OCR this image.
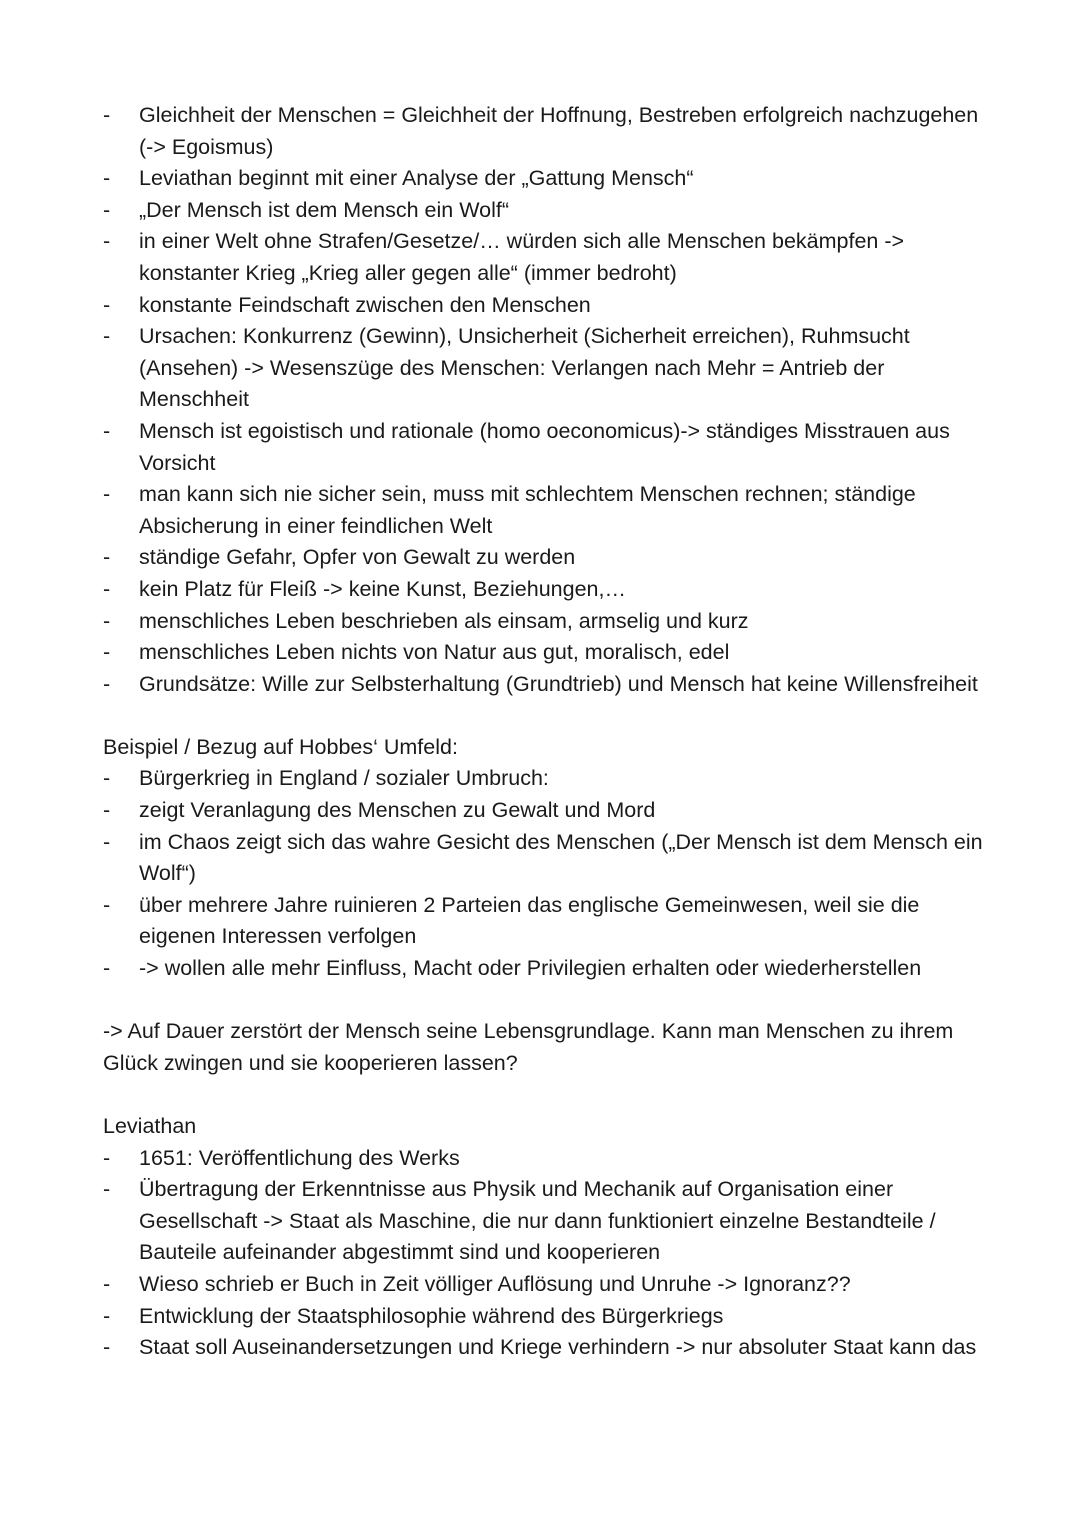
-	Gleichheit der Menschen = Gleichheit der Hoffnung, Bestreben erfolgreich nachzugehen (-> Egoismus)
-	Leviathan beginnt mit einer Analyse der „Gattung Mensch“
-	„Der Mensch ist dem Mensch ein Wolf“
-	in einer Welt ohne Strafen/Gesetze/… würden sich alle Menschen bekämpfen -> konstanter Krieg „Krieg aller gegen alle“ (immer bedroht)
-	konstante Feindschaft zwischen den Menschen
-	Ursachen: Konkurrenz (Gewinn), Unsicherheit (Sicherheit erreichen), Ruhmsucht (Ansehen) -> Wesenszüge des Menschen: Verlangen nach Mehr = Antrieb der Menschheit
-	Mensch ist egoistisch und rationale (homo oeconomicus)-> ständiges Misstrauen aus Vorsicht
-	man kann sich nie sicher sein, muss mit schlechtem Menschen rechnen; ständige Absicherung in einer feindlichen Welt
-	ständige Gefahr, Opfer von Gewalt zu werden
-	kein Platz für Fleiß -> keine Kunst, Beziehungen,…
-	menschliches Leben beschrieben als einsam, armselig und kurz
-	menschliches Leben nichts von Natur aus gut, moralisch, edel
-	Grundsätze: Wille zur Selbsterhaltung (Grundtrieb) und Mensch hat keine Willensfreiheit

Beispiel / Bezug auf Hobbes‘ Umfeld:

-	Bürgerkrieg in England / sozialer Umbruch:
-	zeigt Veranlagung des Menschen zu Gewalt und Mord
-	im Chaos zeigt sich das wahre Gesicht des Menschen („Der Mensch ist dem Mensch ein Wolf“)
-	über mehrere Jahre ruinieren 2 Parteien das englische Gemeinwesen, weil sie die eigenen Interessen verfolgen
-	-> wollen alle mehr Einfluss, Macht oder Privilegien erhalten oder wiederherstellen

-> Auf Dauer zerstört der Mensch seine Lebensgrundlage. Kann man Menschen zu ihrem Glück zwingen und sie kooperieren lassen?

Leviathan

-	1651: Veröffentlichung des Werks
-	Übertragung der Erkenntnisse aus Physik und Mechanik auf Organisation einer Gesellschaft -> Staat als Maschine, die nur dann funktioniert einzelne Bestandteile / Bauteile aufeinander abgestimmt sind und kooperieren
-	Wieso schrieb er Buch in Zeit völliger Auflösung und Unruhe -> Ignoranz??
-	Entwicklung der Staatsphilosophie während des Bürgerkriegs
-	Staat soll Auseinandersetzungen und Kriege verhindern -> nur absoluter Staat kann das
